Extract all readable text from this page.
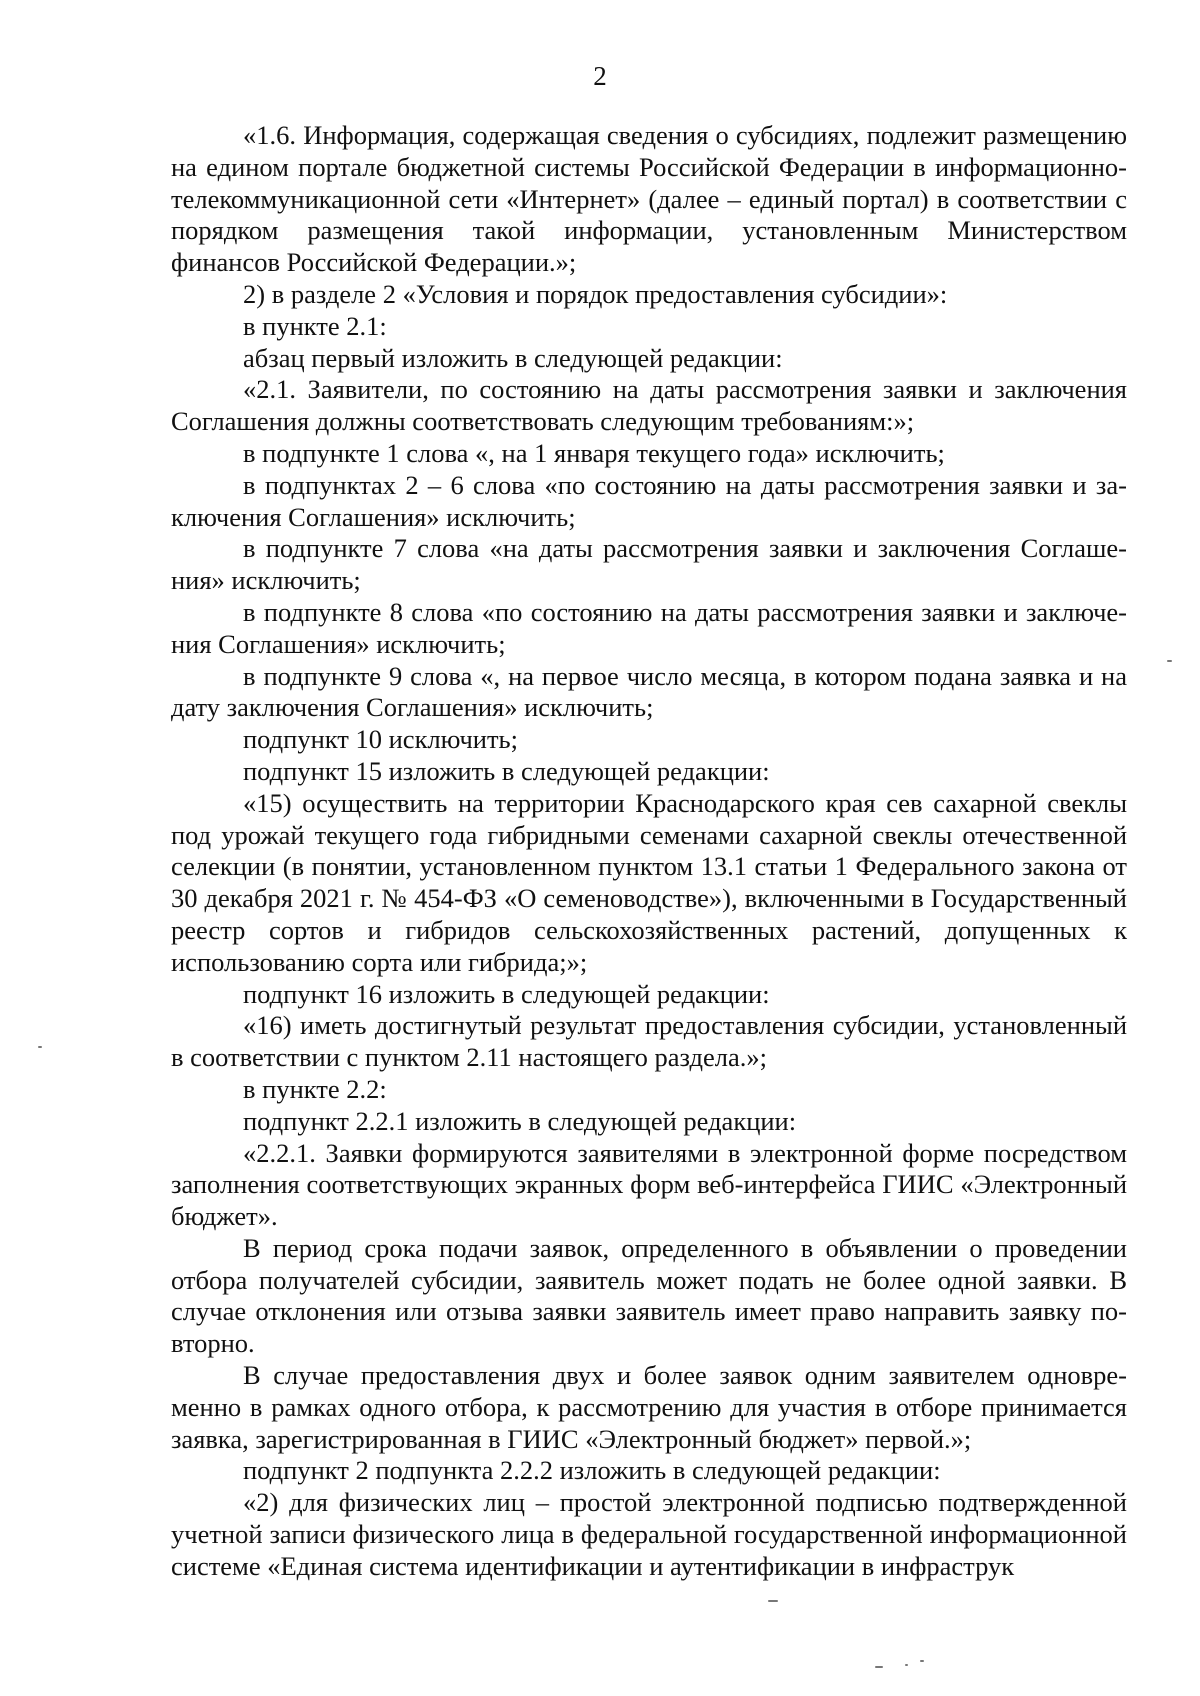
2

«1.6. Информация, содержащая сведения о субсидиях, подлежит размещению на едином портале бюджетной системы Российской Федерации в информационно-телекоммуникационной сети «Интернет» (далее – единый портал) в соответствии с порядком размещения такой информации, установленным Министерством финансов Российской Федерации.»;

2) в разделе 2 «Условия и порядок предоставления субсидии»:

в пункте 2.1:

абзац первый изложить в следующей редакции:

«2.1. Заявители, по состоянию на даты рассмотрения заявки и заключения Соглашения должны соответствовать следующим требованиям:»;

в подпункте 1 слова «, на 1 января текущего года» исключить;

в подпунктах 2 – 6 слова «по состоянию на даты рассмотрения заявки и заключения Соглашения» исключить;

в подпункте 7 слова «на даты рассмотрения заявки и заключения Соглашения» исключить;

в подпункте 8 слова «по состоянию на даты рассмотрения заявки и заключения Соглашения» исключить;

в подпункте 9 слова «, на первое число месяца, в котором подана заявка и на дату заключения Соглашения» исключить;

подпункт 10 исключить;

подпункт 15 изложить в следующей редакции:

«15) осуществить на территории Краснодарского края сев сахарной свеклы под урожай текущего года гибридными семенами сахарной свеклы отечественной селекции (в понятии, установленном пунктом 13.1 статьи 1 Федерального закона от 30 декабря 2021 г. № 454-ФЗ «О семеноводстве»), включенными в Государственный реестр сортов и гибридов сельскохозяйственных растений, допущенных к использованию сорта или гибрида;»;

подпункт 16 изложить в следующей редакции:

«16) иметь достигнутый результат предоставления субсидии, установленный в соответствии с пунктом 2.11 настоящего раздела.»;

в пункте 2.2:

подпункт 2.2.1 изложить в следующей редакции:

«2.2.1. Заявки формируются заявителями в электронной форме посредством заполнения соответствующих экранных форм веб-интерфейса ГИИС «Электронный бюджет».

В период срока подачи заявок, определенного в объявлении о проведении отбора получателей субсидии, заявитель может подать не более одной заявки. В случае отклонения или отзыва заявки заявитель имеет право направить заявку повторно.

В случае предоставления двух и более заявок одним заявителем одновременно в рамках одного отбора, к рассмотрению для участия в отборе принимается заявка, зарегистрированная в ГИИС «Электронный бюджет» первой.»;

подпункт 2 подпункта 2.2.2 изложить в следующей редакции:

«2) для физических лиц – простой электронной подписью подтвержденной учетной записи физического лица в федеральной государственной информационной системе «Единая система идентификации и аутентификации в инфраструк
